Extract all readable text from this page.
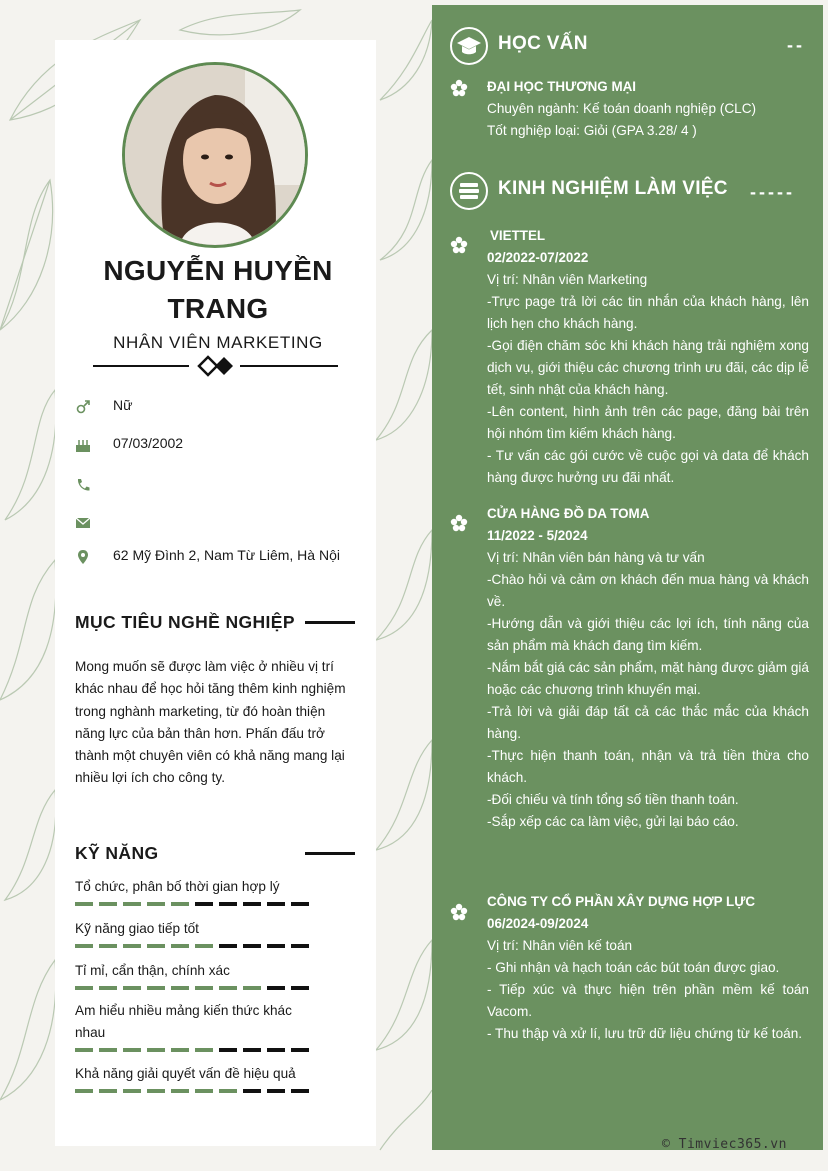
NGUYỄN HUYỀN
TRANG
NHÂN VIÊN MARKETING
Nữ
07/03/2002
62 Mỹ Đình 2, Nam Từ Liêm, Hà Nội
MỤC TIÊU NGHỀ NGHIỆP
Mong muốn sẽ được làm việc ở nhiều vị trí khác nhau để học hỏi tăng thêm kinh nghiệm trong nghành marketing, từ đó hoàn thiện năng lực của bản thân hơn. Phấn đấu trở thành một chuyên viên có khả năng mang lại nhiều lợi ích cho công ty.
KỸ NĂNG
Tổ chức, phân bố thời gian hợp lý
Kỹ năng giao tiếp tốt
Tỉ mỉ, cẩn thận, chính xác
Am hiểu nhiều mảng kiến thức khác nhau
Khả năng giải quyết vấn đề hiệu quả
HỌC VẤN	--

ĐẠI HỌC THƯƠNG MẠI

Chuyên ngành: Kế toán doanh nghiệp (CLC)

Tốt nghiệp loại: Giỏi (GPA 3.28/ 4 )

KINH NGHIỆM LÀM VIỆC -----

VIETTEL

02/2022-07/2022

Vị trí: Nhân viên Marketing

-Trực page trả lời các tin nhắn của khách hàng, lên lịch hẹn cho khách hàng.

-Gọi điện chăm sóc khi khách hàng trải nghiệm xong dịch vụ, giới thiệu các chương trình ưu đãi, các dịp lễ tết, sinh nhật của khách hàng.

-Lên content, hình ảnh trên các page, đăng bài trên hội nhóm tìm kiếm khách hàng.

- Tư vấn các gói cước về cuộc gọi và data để khách hàng được hưởng ưu đãi nhất.

CỬA HÀNG ĐỒ DA TOMA

11/2022 - 5/2024

Vị trí: Nhân viên bán hàng và tư vấn

-Chào hỏi và cảm ơn khách đến mua hàng và khách về.

-Hướng dẫn và giới thiệu các lợi ích, tính năng của sản phẩm mà khách đang tìm kiếm.

-Nắm bắt giá các sản phẩm, mặt hàng được giảm giá hoặc các chương trình khuyến mại.

-Trả lời và giải đáp tất cả các thắc mắc của khách hàng.

-Thực hiện thanh toán, nhận và trả tiền thừa cho khách.

-Đối chiếu và tính tổng số tiền thanh toán.

-Sắp xếp các ca làm việc, gửi lại báo cáo.

CÔNG TY CỔ PHẦN XÂY DỰNG HỢP LỰC

06/2024-09/2024

Vị trí: Nhân viên kế toán

- Ghi nhận và hạch toán các bút toán được giao.

- Tiếp xúc và thực hiện trên phần mềm kế toán Vacom.

- Thu thập và xử lí, lưu trữ dữ liệu chứng từ kế toán.

© Timviec365.vn
